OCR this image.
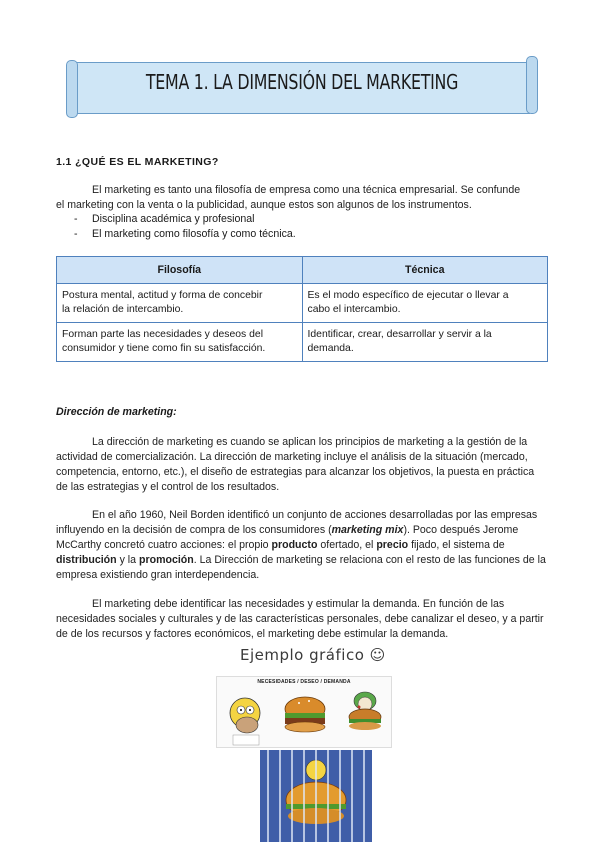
TEMA 1. LA DIMENSIÓN DEL MARKETING
1.1 ¿QUÉ ES EL MARKETING?
El marketing es tanto una filosofía de empresa como una técnica empresarial. Se confunde
el marketing con la venta o la publicidad, aunque estos son algunos de los instrumentos.
- Disciplina académica y profesional
- El marketing como filosofía y como técnica.
Filosofía	Técnica

Postura mental, actitud y forma de concebir la relación de intercambio.	Es el modo específico de ejecutar o llevar a cabo el intercambio.

Forman parte las necesidades y deseos del consumidor y tiene como fin su satisfacción.	Identificar, crear, desarrollar y servir a la demanda.
Dirección de marketing:
La dirección de marketing es cuando se aplican los principios de marketing a la gestión de la actividad de comercialización. La dirección de marketing incluye el análisis de la situación (mercado, competencia, entorno, etc.), el diseño de estrategias para alcanzar los objetivos, la puesta en práctica de las estrategias y el control de los resultados.
En el año 1960, Neil Borden identificó un conjunto de acciones desarrolladas por las empresas influyendo en la decisión de compra de los consumidores (marketing mix). Poco después Jerome McCarthy concretó cuatro acciones: el propio producto ofertado, el precio fijado, el sistema de distribución y la promoción. La Dirección de marketing se relaciona con el resto de las funciones de la empresa existiendo gran interdependencia.
El marketing debe identificar las necesidades y estimular la demanda. En función de las necesidades sociales y culturales y de las características personales, debe canalizar el deseo, y a partir de de los recursos y factores económicos, el marketing debe estimular la demanda.
Ejemplo gráfico ☺
NECESIDADES / DESEO / DEMANDA
